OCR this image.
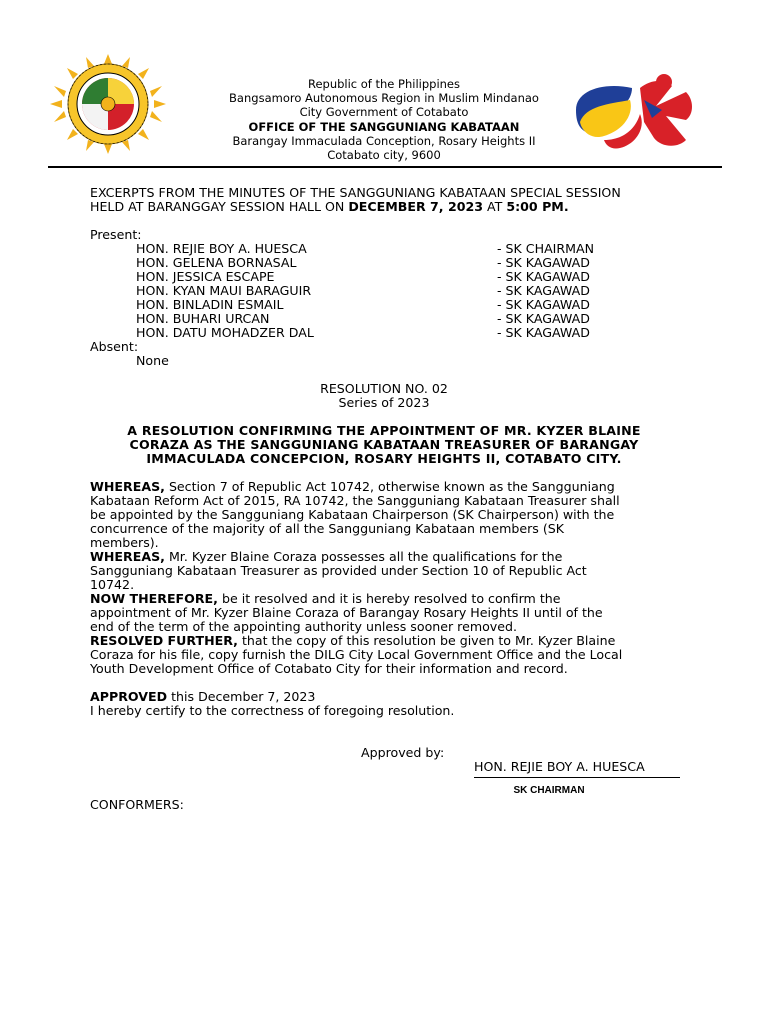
Republic of the Philippines
Bangsamoro Autonomous Region in Muslim Mindanao
City Government of Cotabato
OFFICE OF THE SANGGUNIANG KABATAAN
Barangay Immaculada Conception, Rosary Heights II
Cotabato city, 9600
EXCERPTS FROM THE MINUTES OF THE SANGGUNIANG KABATAAN SPECIAL SESSION
HELD AT BARANGGAY SESSION HALL ON DECEMBER 7, 2023 AT 5:00 PM.
Present:
HON. REJIE BOY A. HUESCA	- SK CHAIRMAN
HON. GELENA BORNASAL	- SK KAGAWAD
HON. JESSICA ESCAPE	- SK KAGAWAD
HON. KYAN MAUI BARAGUIR	- SK KAGAWAD
HON. BINLADIN ESMAIL	- SK KAGAWAD
HON. BUHARI URCAN	- SK KAGAWAD
HON. DATU MOHADZER DAL	- SK KAGAWAD
Absent:
None
RESOLUTION NO. 02
Series of 2023
A RESOLUTION CONFIRMING THE APPOINTMENT OF MR. KYZER BLAINE
CORAZA AS THE SANGGUNIANG KABATAAN TREASURER OF BARANGAY
IMMACULADA CONCEPCION, ROSARY HEIGHTS II, COTABATO CITY.
WHEREAS, Section 7 of Republic Act 10742, otherwise known as the Sangguniang
Kabataan Reform Act of 2015, RA 10742, the Sangguniang Kabataan Treasurer shall
be appointed by the Sangguniang Kabataan Chairperson (SK Chairperson) with the
concurrence of the majority of all the Sangguniang Kabataan members (SK
members).
WHEREAS, Mr. Kyzer Blaine Coraza possesses all the qualifications for the
Sangguniang Kabataan Treasurer as provided under Section 10 of Republic Act
10742.
NOW THEREFORE, be it resolved and it is hereby resolved to confirm the
appointment of Mr. Kyzer Blaine Coraza of Barangay Rosary Heights II until of the
end of the term of the appointing authority unless sooner removed.
RESOLVED FURTHER, that the copy of this resolution be given to Mr. Kyzer Blaine
Coraza for his file, copy furnish the DILG City Local Government Office and the Local
Youth Development Office of Cotabato City for their information and record.
APPROVED this December 7, 2023
I hereby certify to the correctness of foregoing resolution.
Approved by:
HON. REJIE BOY A. HUESCA
SK CHAIRMAN
CONFORMERS:
